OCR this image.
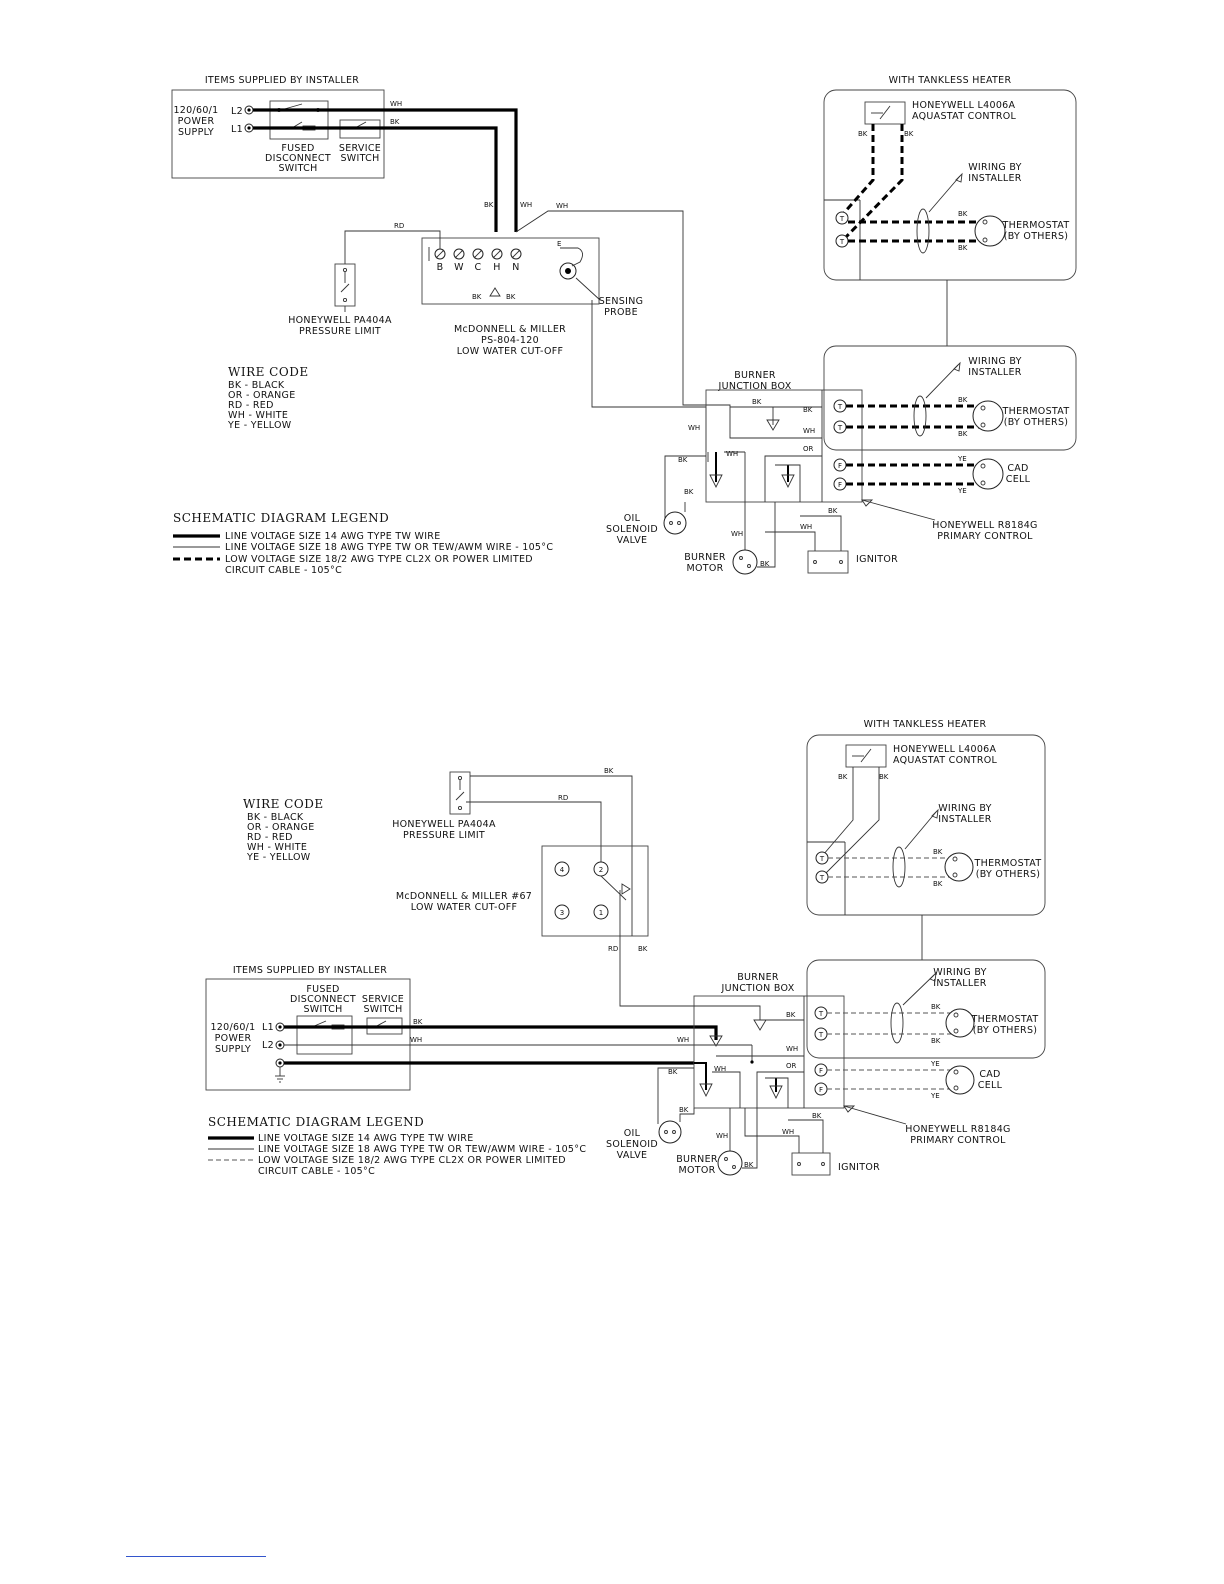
ITEMS SUPPLIED BY INSTALLER
120/60/1
POWER
SUPPLY
L2
L1
FUSED
DISCONNECT
SWITCH
SERVICE
SWITCH
WH
BK
BK	WH
B W C H N
E
BK	BK
McDONNELL & MILLER
PS-804-120
LOW WATER CUT-OFF
SENSING
PROBE
RD
HONEYWELL PA404A
PRESSURE LIMIT
WH
WH
WIRE CODE
BK - BLACK
OR - ORANGE
RD - RED
WH - WHITE
YE - YELLOW
SCHEMATIC DIAGRAM LEGEND
LINE VOLTAGE SIZE 14 AWG TYPE TW WIRE
LINE VOLTAGE SIZE 18 AWG TYPE TW OR TEW/AWM WIRE - 105°C
LOW VOLTAGE SIZE 18/2 AWG TYPE CL2X OR POWER LIMITED
CIRCUIT CABLE - 105°C
WITH TANKLESS HEATER
HONEYWELL L4006A
AQUASTAT CONTROL
BK	BK
T
T
BK
BK
WIRING BY
INSTALLER
THERMOSTAT
(BY OTHERS)
BURNER
JUNCTION BOX
WIRING BY
INSTALLER
T
T
BK
BK
THERMOSTAT
(BY OTHERS)
F
F
YE
YE
CAD
CELL
BK
BK
WH
WH
OR
HONEYWELL R8184G
PRIMARY CONTROL
BK
BK
OIL
SOLENOID
VALVE
WH
BK
BURNER
MOTOR
WH
BK
IGNITOR
WITH TANKLESS HEATER
HONEYWELL L4006A
AQUASTAT CONTROL
BK	BK
T
T
BK
BK
WIRING BY
INSTALLER
THERMOSTAT
(BY OTHERS)
BK
RD
HONEYWELL PA404A
PRESSURE LIMIT
4	2
3	1
RD	BK
McDONNELL & MILLER #67
LOW WATER CUT-OFF
WIRE CODE
BK - BLACK
OR - ORANGE
RD - RED
WH - WHITE
YE - YELLOW
ITEMS SUPPLIED BY INSTALLER
FUSED
DISCONNECT
SWITCH
SERVICE
SWITCH
120/60/1
POWER
SUPPLY
L1
L2
BK
WH	WH
BURNER
JUNCTION BOX
WIRING BY
INSTALLER
T
T
BK
BK
THERMOSTAT
(BY OTHERS)
F
F
YE
YE
CAD
CELL
BK
WH
WH	OR
HONEYWELL R8184G
PRIMARY CONTROL
SCHEMATIC DIAGRAM LEGEND
LINE VOLTAGE SIZE 14 AWG TYPE TW WIRE
LINE VOLTAGE SIZE 18 AWG TYPE TW OR TEW/AWM WIRE - 105°C
LOW VOLTAGE SIZE 18/2 AWG TYPE CL2X OR POWER LIMITED
CIRCUIT CABLE - 105°C
BK
BK
OIL
SOLENOID
VALVE
WH
BK
BURNER
MOTOR
WH
BK
IGNITOR
